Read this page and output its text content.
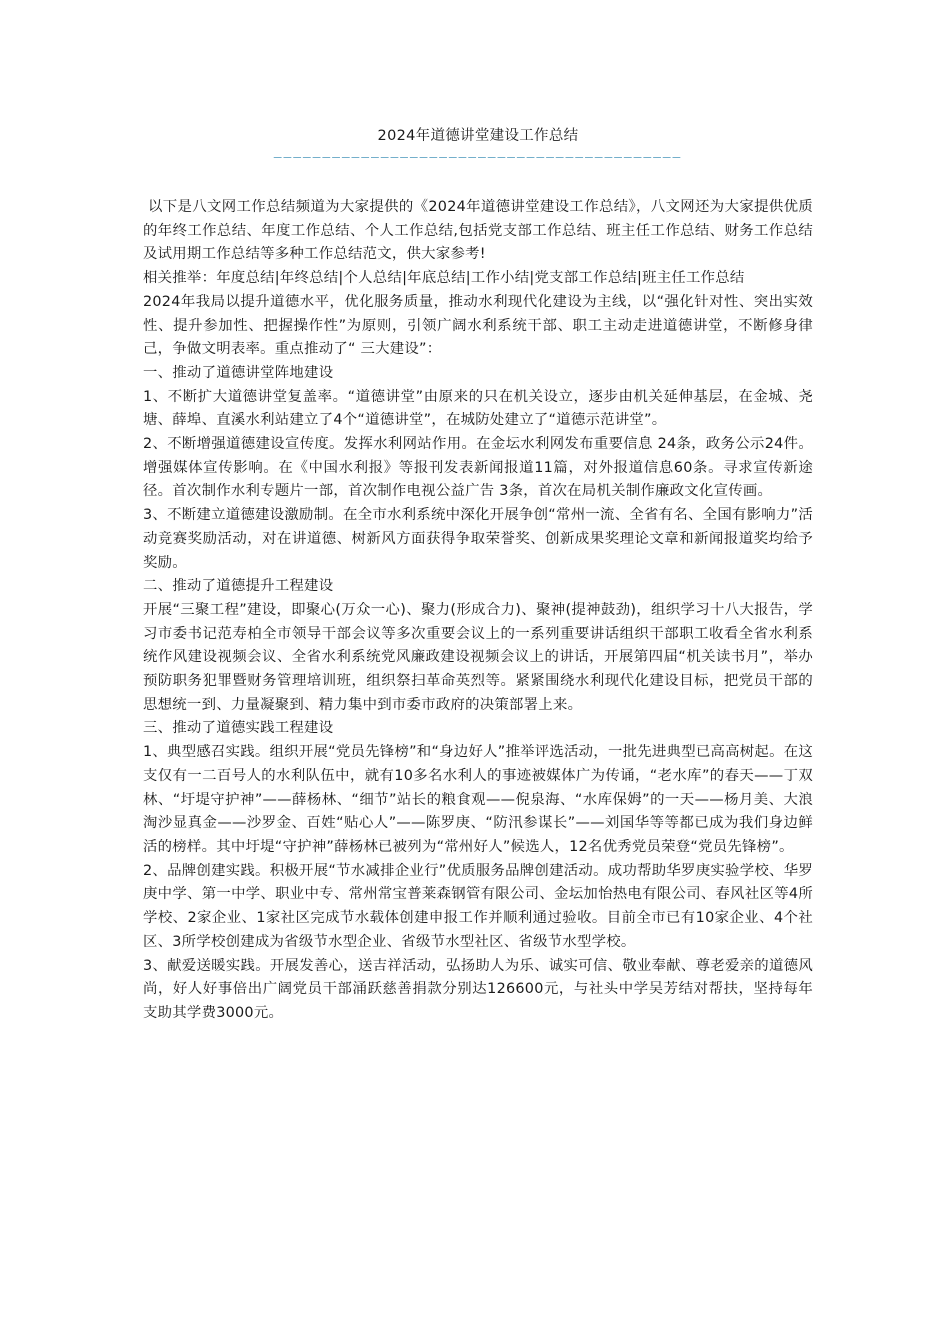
2024年道德讲堂建设工作总结
——————————————————————————————————————————

以下是八文网工作总结频道为大家提供的《2024年道德讲堂建设工作总结》，八文网还为大家提供优质的年终工作总结、年度工作总结、个人工作总结,包括党支部工作总结、班主任工作总结、财务工作总结及试用期工作总结等多种工作总结范文，供大家参考!

相关推举：年度总结|年终总结|个人总结|年底总结|工作小结|党支部工作总结|班主任工作总结

2024年我局以提升道德水平，优化服务质量，推动水利现代化建设为主线，以“强化针对性、突出实效性、提升参加性、把握操作性”为原则，引领广阔水利系统干部、职工主动走进道德讲堂，不断修身律己，争做文明表率。重点推动了“ 三大建设”：

一、推动了道德讲堂阵地建设

1、不断扩大道德讲堂复盖率。“道德讲堂”由原来的只在机关设立，逐步由机关延伸基层，在金城、尧塘、薛埠、直溪水利站建立了4个“道德讲堂”，在城防处建立了“道德示范讲堂”。

2、不断增强道德建设宣传度。发挥水利网站作用。在金坛水利网发布重要信息 24条，政务公示24件。增强媒体宣传影响。在《中国水利报》等报刊发表新闻报道11篇，对外报道信息60条。寻求宣传新途径。首次制作水利专题片一部，首次制作电视公益广告 3条，首次在局机关制作廉政文化宣传画。

3、不断建立道德建设激励制。在全市水利系统中深化开展争创“常州一流、全省有名、全国有影响力”活动竞赛奖励活动，对在讲道德、树新风方面获得争取荣誉奖、创新成果奖理论文章和新闻报道奖均给予奖励。

二、推动了道德提升工程建设

开展“三聚工程”建设，即聚心(万众一心)、聚力(形成合力)、聚神(提神鼓劲)，组织学习十八大报告，学习市委书记范寿柏全市领导干部会议等多次重要会议上的一系列重要讲话组织干部职工收看全省水利系统作风建设视频会议、全省水利系统党风廉政建设视频会议上的讲话，开展第四届“机关读书月”，举办预防职务犯罪暨财务管理培训班，组织祭扫革命英烈等。紧紧围绕水利现代化建设目标，把党员干部的思想统一到、力量凝聚到、精力集中到市委市政府的决策部署上来。

三、推动了道德实践工程建设

1、典型感召实践。组织开展“党员先锋榜”和“身边好人”推举评选活动，一批先进典型已高高树起。在这支仅有一二百号人的水利队伍中，就有10多名水利人的事迹被媒体广为传诵，“老水库”的春天——丁双林、“圩堤守护神”——薛杨林、“细节”站长的粮食观——倪泉海、“水库保姆”的一天——杨月美、大浪淘沙显真金——沙罗金、百姓“贴心人”——陈罗庚、“防汛参谋长”——刘国华等等都已成为我们身边鲜活的榜样。其中圩堤“守护神”薛杨林已被列为“常州好人”候选人，12名优秀党员荣登“党员先锋榜”。

2、品牌创建实践。积极开展“节水减排企业行”优质服务品牌创建活动。成功帮助华罗庚实验学校、华罗庚中学、第一中学、职业中专、常州常宝普莱森钢管有限公司、金坛加怡热电有限公司、春风社区等4所学校、2家企业、1家社区完成节水载体创建申报工作并顺利通过验收。目前全市已有10家企业、4个社区、3所学校创建成为省级节水型企业、省级节水型社区、省级节水型学校。

3、献爱送暖实践。开展发善心，送吉祥活动，弘扬助人为乐、诚实可信、敬业奉献、尊老爱亲的道德风尚，好人好事倍出广阔党员干部涌跃慈善捐款分别达126600元，与社头中学吴芳结对帮扶，坚持每年支助其学费3000元。
